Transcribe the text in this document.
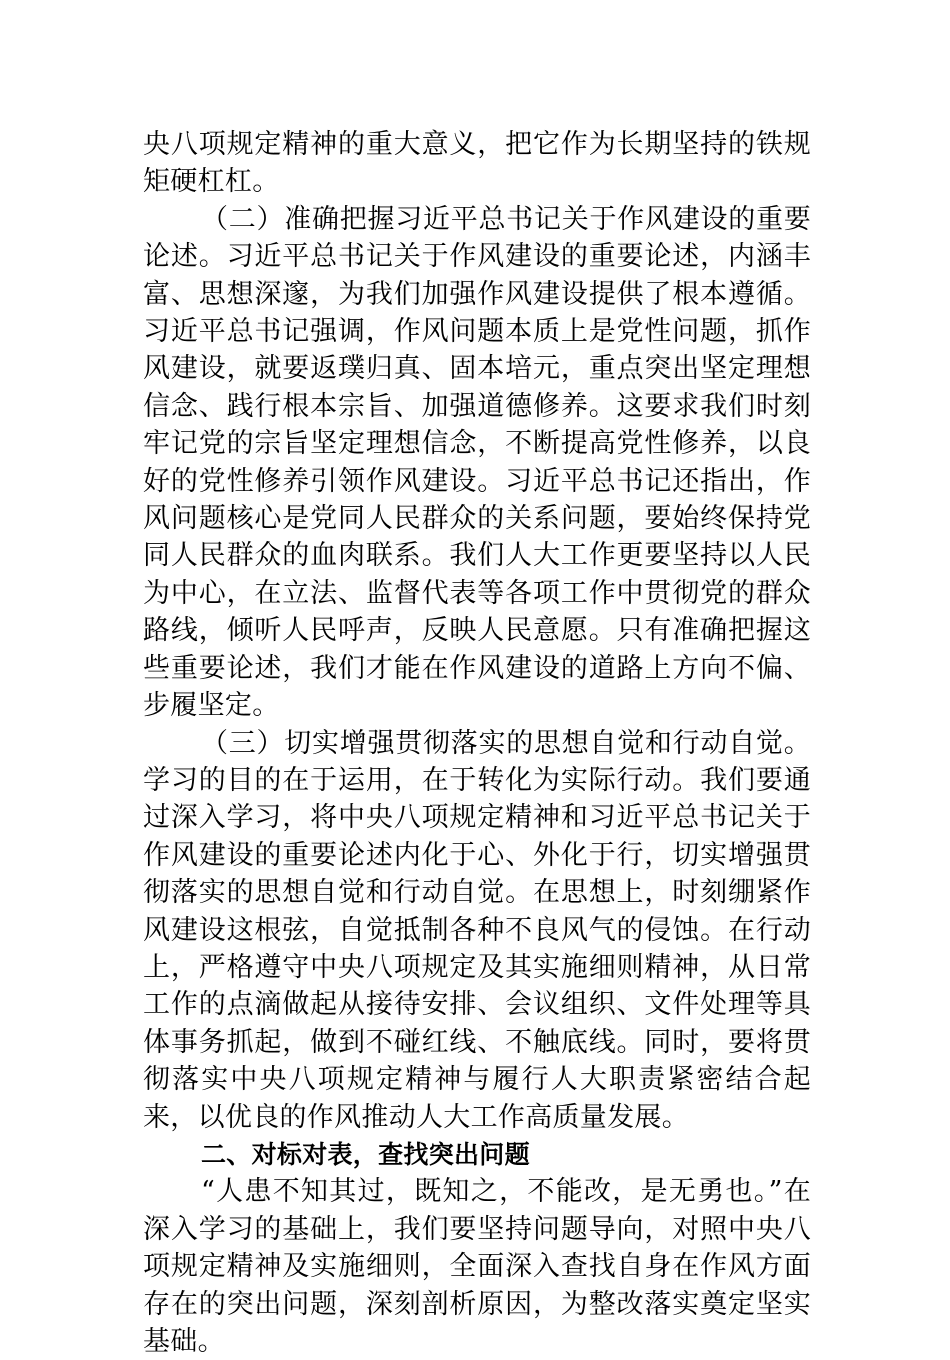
央八项规定精神的重大意义，把它作为长期坚持的铁规矩硬杠杠。

（二）准确把握习近平总书记关于作风建设的重要论述。习近平总书记关于作风建设的重要论述，内涵丰富、思想深邃，为我们加强作风建设提供了根本遵循。习近平总书记强调，作风问题本质上是党性问题，抓作风建设，就要返璞归真、固本培元，重点突出坚定理想信念、践行根本宗旨、加强道德修养。这要求我们时刻牢记党的宗旨坚定理想信念，不断提高党性修养，以良好的党性修养引领作风建设。习近平总书记还指出，作风问题核心是党同人民群众的关系问题，要始终保持党同人民群众的血肉联系。我们人大工作更要坚持以人民为中心，在立法、监督代表等各项工作中贯彻党的群众路线，倾听人民呼声，反映人民意愿。只有准确把握这些重要论述，我们才能在作风建设的道路上方向不偏、步履坚定。

（三）切实增强贯彻落实的思想自觉和行动自觉。学习的目的在于运用，在于转化为实际行动。我们要通过深入学习，将中央八项规定精神和习近平总书记关于作风建设的重要论述内化于心、外化于行，切实增强贯彻落实的思想自觉和行动自觉。在思想上，时刻绷紧作风建设这根弦，自觉抵制各种不良风气的侵蚀。在行动上，严格遵守中央八项规定及其实施细则精神，从日常工作的点滴做起从接待安排、会议组织、文件处理等具体事务抓起，做到不碰红线、不触底线。同时，要将贯彻落实中央八项规定精神与履行人大职责紧密结合起来，以优良的作风推动人大工作高质量发展。

二、对标对表，查找突出问题

“人患不知其过，既知之，不能改，是无勇也。”在深入学习的基础上，我们要坚持问题导向，对照中央八项规定精神及实施细则，全面深入查找自身在作风方面存在的突出问题，深刻剖析原因，为整改落实奠定坚实基础。
